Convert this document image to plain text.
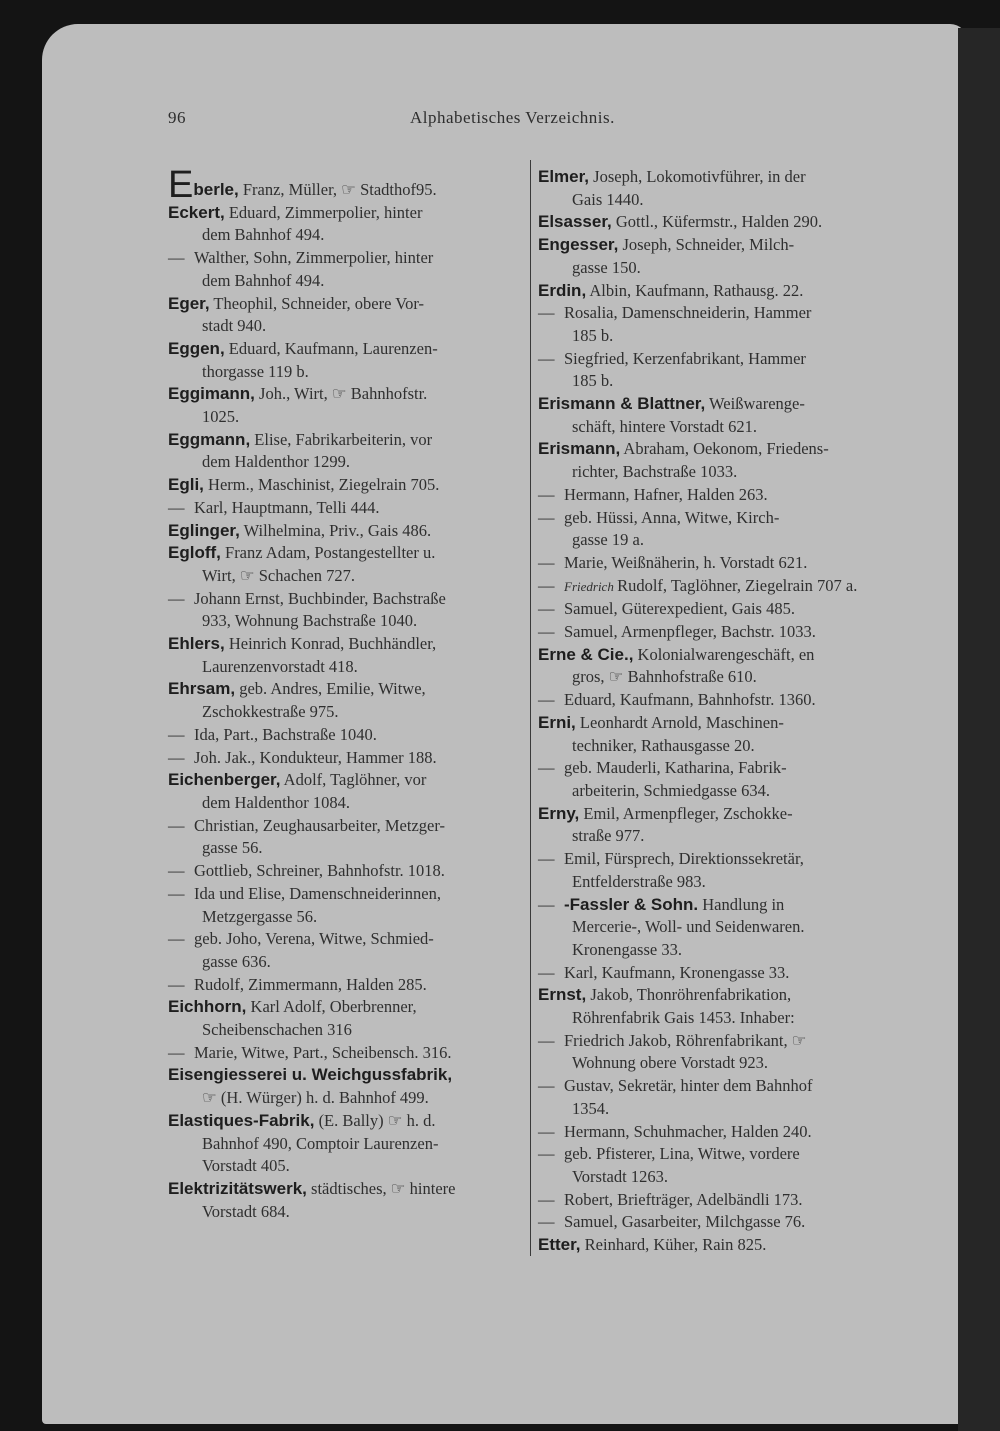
96	Alphabetisches Verzeichnis.

Eberle, Franz, Müller, ☞ Stadthof95.

Eckert, Eduard, Zimmerpolier, hinter
dem Bahnhof 494.

— Walther, Sohn, Zimmerpolier, hinter
dem Bahnhof 494.

Eger, Theophil, Schneider, obere Vor-
stadt 940.

Eggen, Eduard, Kaufmann, Laurenzen-
thorgasse 119 b.

Eggimann, Joh., Wirt, ☞ Bahnhofstr.
1025.

Eggmann, Elise, Fabrikarbeiterin, vor
dem Haldenthor 1299.

Egli, Herm., Maschinist, Ziegelrain 705.

— Karl, Hauptmann, Telli 444.

Eglinger, Wilhelmina, Priv., Gais 486.

Egloff, Franz Adam, Postangestellter u.
Wirt, ☞ Schachen 727.

— Johann Ernst, Buchbinder, Bachstraße
933, Wohnung Bachstraße 1040.

Ehlers, Heinrich Konrad, Buchhändler,
Laurenzenvorstadt 418.

Ehrsam, geb. Andres, Emilie, Witwe,
Zschokkestraße 975.

— Ida, Part., Bachstraße 1040.

— Joh. Jak., Kondukteur, Hammer 188.

Eichenberger, Adolf, Taglöhner, vor
dem Haldenthor 1084.

— Christian, Zeughausarbeiter, Metzger-
gasse 56.

— Gottlieb, Schreiner, Bahnhofstr. 1018.

— Ida und Elise, Damenschneiderinnen,
Metzgergasse 56.

— geb. Joho, Verena, Witwe, Schmied-
gasse 636.

— Rudolf, Zimmermann, Halden 285.

Eichhorn, Karl Adolf, Oberbrenner,
Scheibenschachen 316

— Marie, Witwe, Part., Scheibensch. 316.

Eisengiesserei u. Weichgussfabrik,
☞ (H. Würger) h. d. Bahnhof 499.

Elastiques-Fabrik, (E. Bally) ☞ h. d.
Bahnhof 490, Comptoir Laurenzen-
Vorstadt 405.

Elektrizitätswerk, städtisches, ☞ hintere
Vorstadt 684.

Elmer, Joseph, Lokomotivführer, in der
Gais 1440.

Elsasser, Gottl., Küfermstr., Halden 290.

Engesser, Joseph, Schneider, Milch-
gasse 150.

Erdin, Albin, Kaufmann, Rathausg. 22.

— Rosalia, Damenschneiderin, Hammer
185 b.

— Siegfried, Kerzenfabrikant, Hammer
185 b.

Erismann & Blattner, Weißwarenge-
schäft, hintere Vorstadt 621.

Erismann, Abraham, Oekonom, Friedens-
richter, Bachstraße 1033.

— Hermann, Hafner, Halden 263.

— geb. Hüssi, Anna, Witwe, Kirch-
gasse 19 a.

— Marie, Weißnäherin, h. Vorstadt 621.

— Friedrich Rudolf, Taglöhner, Ziegelrain 707 a.

— Samuel, Güterexpedient, Gais 485.

— Samuel, Armenpfleger, Bachstr. 1033.

Erne & Cie., Kolonialwarengeschäft, en
gros, ☞ Bahnhofstraße 610.

— Eduard, Kaufmann, Bahnhofstr. 1360.

Erni, Leonhardt Arnold, Maschinen-
techniker, Rathausgasse 20.

— geb. Mauderli, Katharina, Fabrik-
arbeiterin, Schmiedgasse 634.

Erny, Emil, Armenpfleger, Zschokke-
straße 977.

— Emil, Fürsprech, Direktionssekretär,
Entfelderstraße 983.

— -Fassler & Sohn. Handlung in
Mercerie-, Woll- und Seidenwaren.
Kronengasse 33.

— Karl, Kaufmann, Kronengasse 33.

Ernst, Jakob, Thonröhrenfabrikation,
Röhrenfabrik Gais 1453. Inhaber:

— Friedrich Jakob, Röhrenfabrikant, ☞
Wohnung obere Vorstadt 923.

— Gustav, Sekretär, hinter dem Bahnhof
1354.

— Hermann, Schuhmacher, Halden 240.

— geb. Pfisterer, Lina, Witwe, vordere
Vorstadt 1263.

— Robert, Briefträger, Adelbändli 173.

— Samuel, Gasarbeiter, Milchgasse 76.

Etter, Reinhard, Küher, Rain 825.
